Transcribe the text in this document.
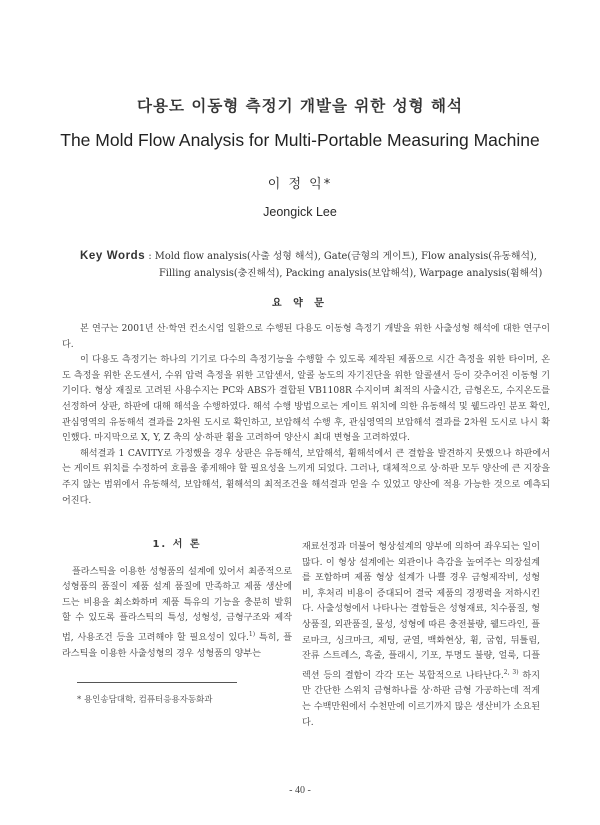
다용도 이동형 측정기 개발을 위한 성형 해석
The Mold Flow Analysis for Multi-Portable Measuring Machine
이 정 익*
Jeongick Lee
Key Words : Mold flow analysis(사출 성형 해석), Gate(금형의 게이트), Flow analysis(유동해석),
Filling analysis(충진해석), Packing analysis(보압해석), Warpage analysis(휨해석)
요 약 문

본 연구는 2001년 산·학연 컨소시엄 일환으로 수행된 다용도 이동형 측정기 개발을 위한 사출성형 해석에 대한 연구이다.

이 다용도 측정기는 하나의 기기로 다수의 측정기능을 수행할 수 있도록 제작된 제품으로 시간 측정을 위한 타이머, 온도 측정을 위한 온도센서, 수위 압력 측정을 위한 고압센서, 알콜 농도의 자기진단을 위한 알콜센서 등이 갖추어진 이동형 기기이다. 형상 재질로 고려된 사용수지는 PC와 ABS가 결합된 VB1108R 수지이며 최적의 사출시간, 금형온도, 수지온도를 선정하여 상판, 하판에 대해 해석을 수행하였다. 해석 수행 방법으로는 게이트 위치에 의한 유동해석 및 웰드라인 분포 확인, 관심영역의 유동해석 결과를 2차원 도시로 확인하고, 보압해석 수행 후, 관심영역의 보압해석 결과를 2차원 도시로 나시 확인했다. 마지막으로 X, Y, Z 축의 상·하판 휨을 고려하여 양산시 최대 변형을 고려하였다.

해석결과 1 CAVITY로 가정했을 경우 상판은 유동해석, 보압해석, 휨해석에서 큰 결함을 발견하지 못했으나 하판에서는 게이트 위치를 수정하여 흐름을 좋게해야 할 필요성을 느끼게 되었다. 그러나, 대체적으로 상·하판 모두 양산에 큰 지장을 주지 않는 범위에서 유동해석, 보압해석, 휨해석의 최적조건을 해석결과 얻을 수 있었고 양산에 적용 가능한 것으로 예측되어진다.

1. 서 론

플라스틱을 이용한 성형품의 설계에 있어서 최종적으로 성형품의 품질이 제품 설계 품질에 만족하고 제품 생산에 드는 비용을 최소화하며 제품 특유의 기능을 충분히 발휘할 수 있도록 플라스틱의 특성, 성형성, 금형구조와 제작법, 사용조건 등을 고려해야 할 필요성이 있다.$^{1)}$ 특히, 플라스틱을 이용한 사출성형의 경우 성형품의 양부는

재료선정과 더불어 형상설계의 양부에 의하여 좌우되는 일이 많다. 이 형상 설계에는 외관이나 측감을 높여주는 의장설계를 포함하며 제품 형상 설계가 나쁠 경우 금형제작비, 성형비, 후처리 비용이 증대되어 결국 제품의 경쟁력을 저하시킨다. 사출성형에서 나타나는 결함들은 성형재료, 치수품질, 형상품질, 외관품질, 물성, 성형에 따른 충전불량, 웰드라인, 플로마크, 싱크마크, 제팅, 균열, 백화현상, 휨, 굽힘, 뒤틀림, 잔류 스트레스, 흑줄, 플래시, 기포, 투명도 불량, 얼룩, 디플렉션 등의 결함이 각각 또는 복합적으로 나타난다.$^{2, 3)}$ 하지만 간단한 스위치 금형하나를 상·하판 금형 가공하는데 적게는 수백만원에서 수천만에 이르기까지 많은 생산비가 소요된다.

* 용인송담대학, 컴퓨터응용자동화과
- 40 -
